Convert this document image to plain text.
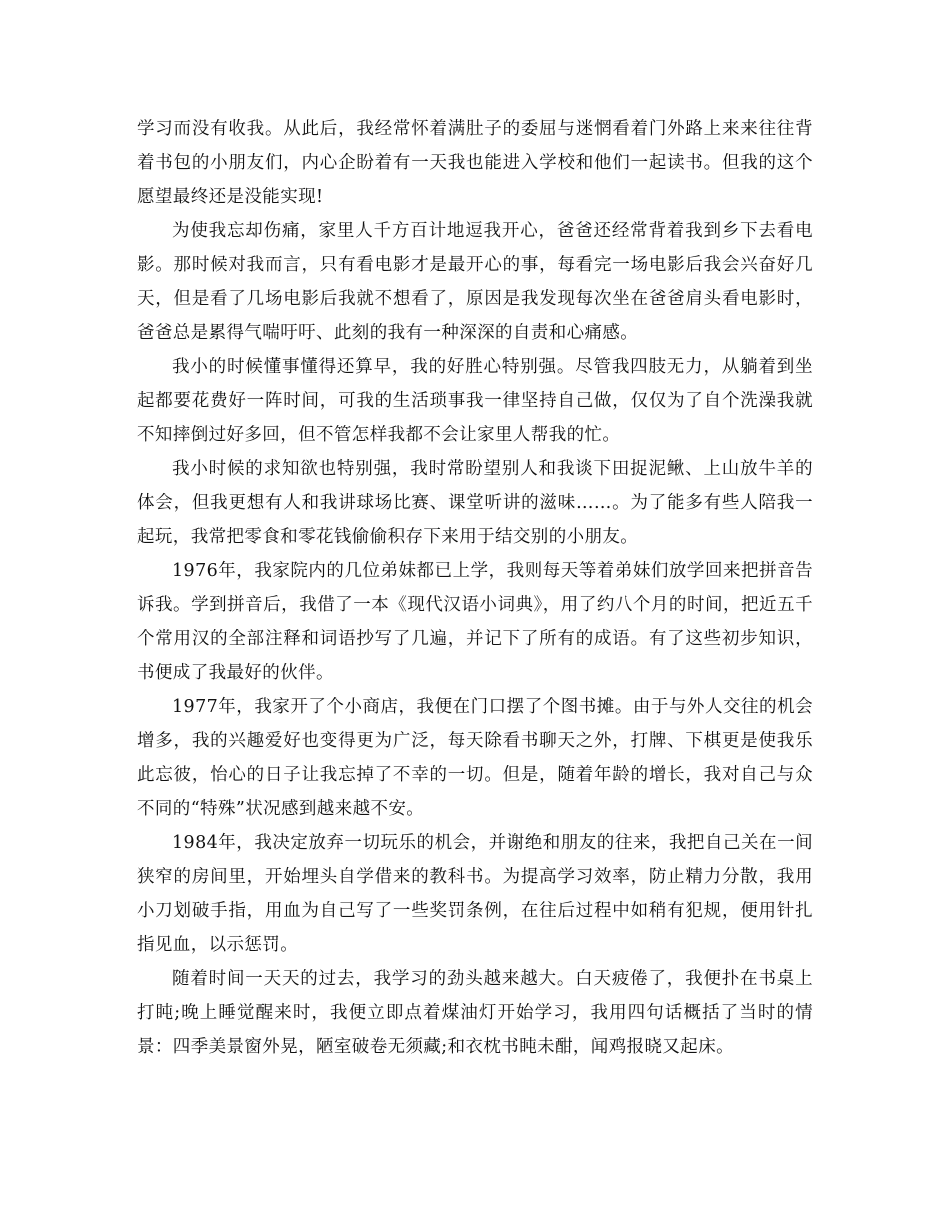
学习而没有收我。从此后，我经常怀着满肚子的委屈与迷惘看着门外路上来来往往背着书包的小朋友们，内心企盼着有一天我也能进入学校和他们一起读书。但我的这个愿望最终还是没能实现!

为使我忘却伤痛，家里人千方百计地逗我开心，爸爸还经常背着我到乡下去看电影。那时候对我而言，只有看电影才是最开心的事，每看完一场电影后我会兴奋好几天，但是看了几场电影后我就不想看了，原因是我发现每次坐在爸爸肩头看电影时，爸爸总是累得气喘吁吁、此刻的我有一种深深的自责和心痛感。

我小的时候懂事懂得还算早，我的好胜心特别强。尽管我四肢无力，从躺着到坐起都要花费好一阵时间，可我的生活琐事我一律坚持自己做，仅仅为了自个洗澡我就不知摔倒过好多回，但不管怎样我都不会让家里人帮我的忙。

我小时候的求知欲也特别强，我时常盼望别人和我谈下田捉泥鳅、上山放牛羊的体会，但我更想有人和我讲球场比赛、课堂听讲的滋味……。为了能多有些人陪我一起玩，我常把零食和零花钱偷偷积存下来用于结交别的小朋友。

1976年，我家院内的几位弟妹都已上学，我则每天等着弟妹们放学回来把拼音告诉我。学到拼音后，我借了一本《现代汉语小词典》，用了约八个月的时间，把近五千个常用汉的全部注释和词语抄写了几遍，并记下了所有的成语。有了这些初步知识，书便成了我最好的伙伴。

1977年，我家开了个小商店，我便在门口摆了个图书摊。由于与外人交往的机会增多，我的兴趣爱好也变得更为广泛，每天除看书聊天之外，打牌、下棋更是使我乐此忘彼，怡心的日子让我忘掉了不幸的一切。但是，随着年龄的增长，我对自己与众不同的“特殊”状况感到越来越不安。

1984年，我决定放弃一切玩乐的机会，并谢绝和朋友的往来，我把自己关在一间狭窄的房间里，开始埋头自学借来的教科书。为提高学习效率，防止精力分散，我用小刀划破手指，用血为自己写了一些奖罚条例，在往后过程中如稍有犯规，便用针扎指见血，以示惩罚。

随着时间一天天的过去，我学习的劲头越来越大。白天疲倦了，我便扑在书桌上打盹;晚上睡觉醒来时，我便立即点着煤油灯开始学习，我用四句话概括了当时的情景：四季美景窗外晃，陋室破卷无须藏;和衣枕书盹未酣，闻鸡报晓又起床。
